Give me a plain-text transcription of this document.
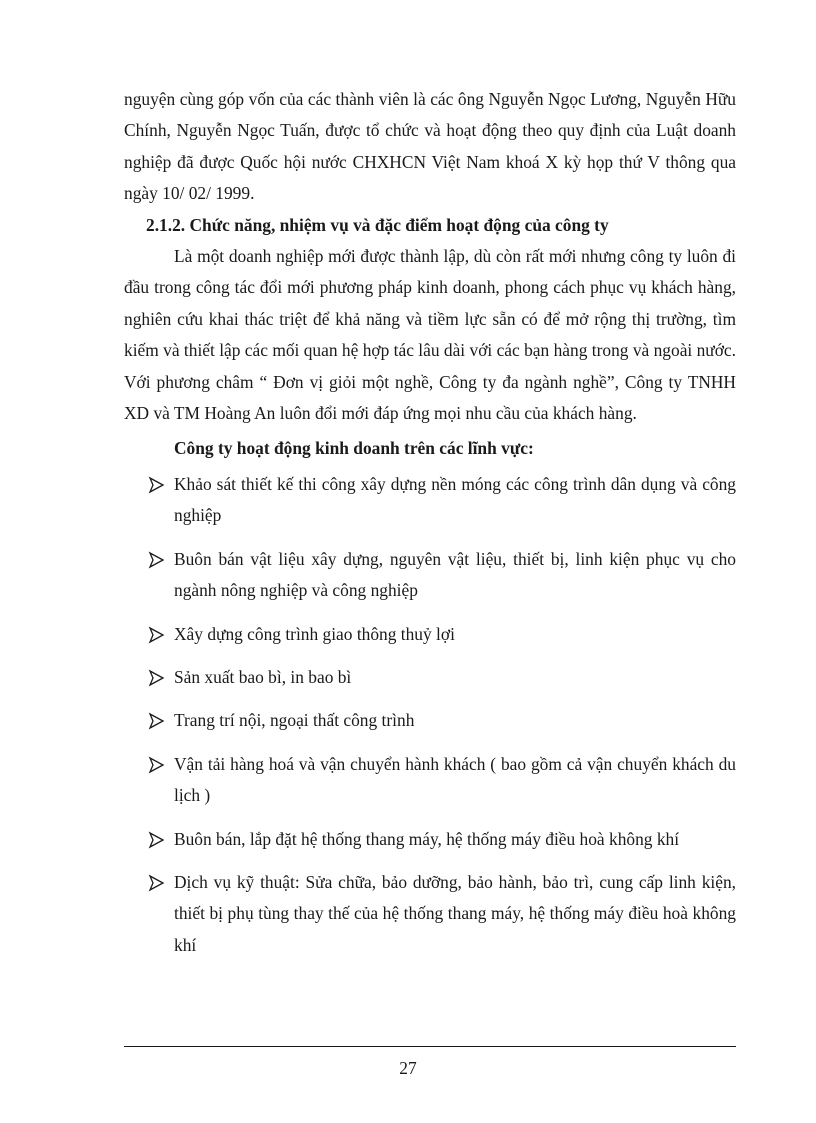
nguyện cùng góp vốn của các thành viên là các ông Nguyễn Ngọc Lương, Nguyễn Hữu Chính, Nguyễn Ngọc Tuấn, được tổ chức và hoạt động theo quy định của Luật doanh nghiệp đã được Quốc hội nước CHXHCN Việt Nam khoá X kỳ họp thứ V thông qua ngày 10/ 02/ 1999.

2.1.2. Chức năng, nhiệm vụ và đặc điểm hoạt động của công ty

Là một doanh nghiệp mới được thành lập, dù còn rất mới nhưng công ty luôn đi đầu trong công tác đổi mới phương pháp kinh doanh, phong cách phục vụ khách hàng, nghiên cứu khai thác triệt để khả năng và tiềm lực sẵn có để mở rộng thị trường, tìm kiếm và thiết lập các mối quan hệ hợp tác lâu dài với các bạn hàng trong và ngoài nước. Với phương châm “ Đơn vị giỏi một nghề, Công ty đa ngành nghề”, Công ty TNHH XD và TM Hoàng An luôn đổi mới đáp ứng mọi nhu cầu của khách hàng.

Công ty hoạt động kinh doanh trên các lĩnh vực:

Khảo sát thiết kế thi công xây dựng nền móng các công trình dân dụng và công nghiệp
Buôn bán vật liệu xây dựng, nguyên vật liệu, thiết bị, linh kiện phục vụ cho ngành nông nghiệp và công nghiệp
Xây dựng công trình giao thông thuỷ lợi
Sản xuất bao bì, in bao bì
Trang trí nội, ngoại thất công trình
Vận tải hàng hoá và vận chuyển hành khách ( bao gồm cả vận chuyển khách du lịch )
Buôn bán, lắp đặt hệ thống thang máy, hệ thống máy điều hoà không khí
Dịch vụ kỹ thuật: Sửa chữa, bảo dưỡng, bảo hành, bảo trì, cung cấp linh kiện, thiết bị phụ tùng thay thế của hệ thống thang máy, hệ thống máy điều hoà không khí
27
